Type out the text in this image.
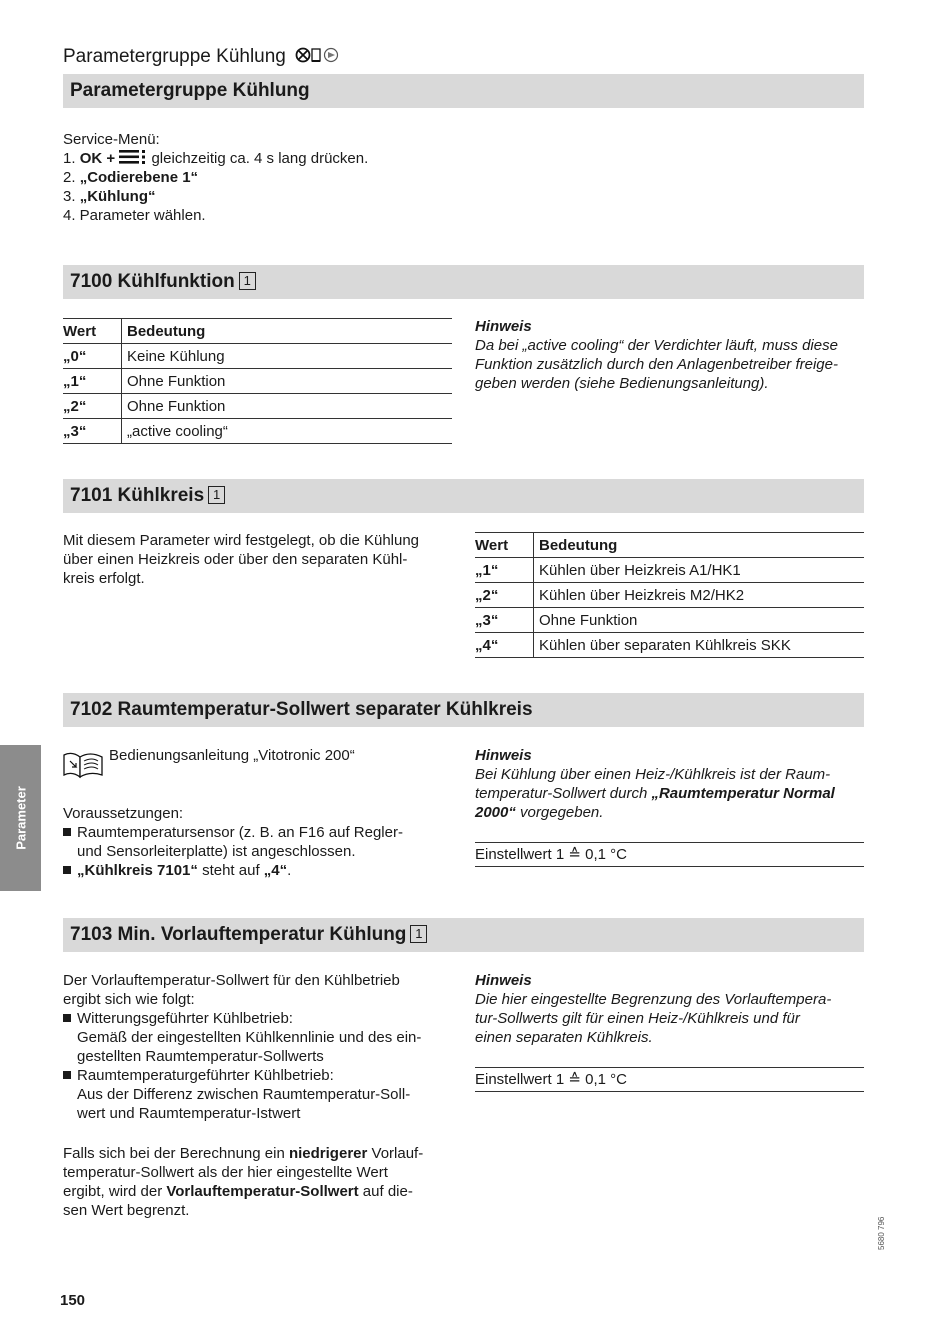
Parametergruppe Kühlung
Parametergruppe Kühlung
Service-Menü:
1. OK + gleichzeitig ca. 4 s lang drücken.
2. „Codierebene 1“
3. „Kühlung“
4. Parameter wählen.
7100 Kühlfunktion 1
Wert	Bedeutung
„0“	Keine Kühlung
„1“	Ohne Funktion
„2“	Ohne Funktion
„3“	„active cooling“
Hinweis
Da bei „active cooling“ der Verdichter läuft, muss diese
Funktion zusätzlich durch den Anlagenbetreiber freige-
geben werden (siehe Bedienungsanleitung).
7101 Kühlkreis 1
Mit diesem Parameter wird festgelegt, ob die Kühlung
über einen Heizkreis oder über den separaten Kühl-
kreis erfolgt.
Wert	Bedeutung
„1“	Kühlen über Heizkreis A1/HK1
„2“	Kühlen über Heizkreis M2/HK2
„3“	Ohne Funktion
„4“	Kühlen über separaten Kühlkreis SKK
7102 Raumtemperatur-Sollwert separater Kühlkreis
Bedienungsanleitung „Vitotronic 200“
Voraussetzungen:
Raumtemperatursensor (z. B. an F16 auf Regler-
und Sensorleiterplatte) ist angeschlossen.
„Kühlkreis 7101“ steht auf „4“.
Hinweis
Bei Kühlung über einen Heiz-/Kühlkreis ist der Raum-
temperatur-Sollwert durch „Raumtemperatur Normal
2000“ vorgegeben.
Einstellwert 1 ≙ 0,1 °C
7103 Min. Vorlauftemperatur Kühlung 1
Der Vorlauftemperatur-Sollwert für den Kühlbetrieb
ergibt sich wie folgt:
Witterungsgeführter Kühlbetrieb:
Gemäß der eingestellten Kühlkennlinie und des ein-
gestellten Raumtemperatur-Sollwerts
Raumtemperaturgeführter Kühlbetrieb:
Aus der Differenz zwischen Raumtemperatur-Soll-
wert und Raumtemperatur-Istwert
Falls sich bei der Berechnung ein niedrigerer Vorlauf-
temperatur-Sollwert als der hier eingestellte Wert
ergibt, wird der Vorlauftemperatur-Sollwert auf die-
sen Wert begrenzt.
Hinweis
Die hier eingestellte Begrenzung des Vorlauftempera-
tur-Sollwerts gilt für einen Heiz-/Kühlkreis und für
einen separaten Kühlkreis.
Einstellwert 1 ≙ 0,1 °C
Parameter
150
5680 796
